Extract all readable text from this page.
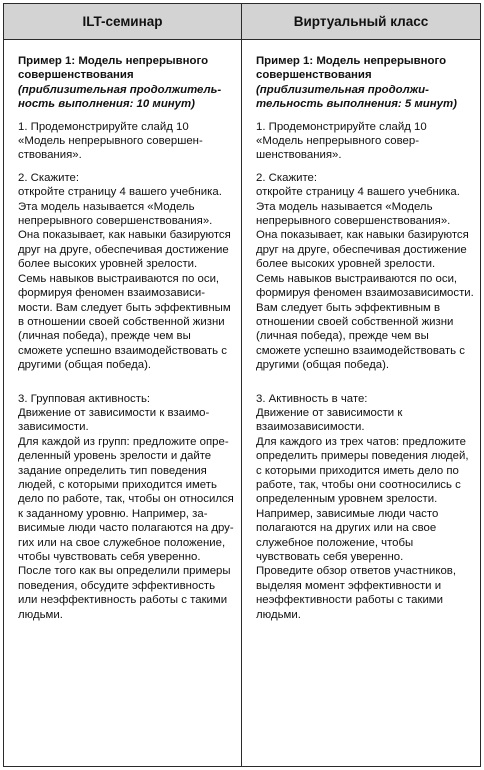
ILT-семинар	Виртуальный класс

Пример 1: Модель непрерывного совершенствования

(приблизительная продолжительность выполнения: 10 минут)

1. Продемонстрируйте слайд 10 «Модель непрерывного совершенствования».

2. Скажите:

откройте страницу 4 вашего учебника. Эта модель называется «Модель непрерывного совершенствования». Она показывает, как навыки базируются друг на друге, обеспечивая достижение более высоких уровней зрелости.

Семь навыков выстраиваются по оси, формируя феномен взаимозависимости. Вам следует быть эффективным в отношении своей собственной жизни (личная победа), прежде чем вы сможете успешно взаимодействовать с другими (общая победа).

3. Групповая активность:

Движение от зависимости к взаимозависимости.

Для каждой из групп: предложите определенный уровень зрелости и дайте задание определить тип поведения людей, с которыми приходится иметь дело по работе, так, чтобы он относился к заданному уровню. Например, зависимые люди часто полагаются на других или на свое служебное положение, чтобы чувствовать себя уверенно.

После того как вы определили примеры поведения, обсудите эффективность или неэффективность работы с такими людьми.

Пример 1: Модель непрерывного совершенствования

(приблизительная продолжительность выполнения: 5 минут)

1. Продемонстрируйте слайд 10 «Модель непрерывного совершенствования».

2. Скажите:

откройте страницу 4 вашего учебника. Эта модель называется «Модель непрерывного совершенствования». Она показывает, как навыки базируются друг на друге, обеспечивая достижение более высоких уровней зрелости.

Семь навыков выстраиваются по оси, формируя феномен взаимозависимости. Вам следует быть эффективным в отношении своей собственной жизни (личная победа), прежде чем вы сможете успешно взаимодействовать с другими (общая победа).

3. Активность в чате:

Движение от зависимости к взаимозависимости.

Для каждого из трех чатов: предложите определить примеры поведения людей, с которыми приходится иметь дело по работе, так, чтобы они соотносились с определенным уровнем зрелости. Например, зависимые люди часто полагаются на других или на свое служебное положение, чтобы чувствовать себя уверенно.

Проведите обзор ответов участников, выделяя момент эффективности и неэффективности работы с такими людьми.
